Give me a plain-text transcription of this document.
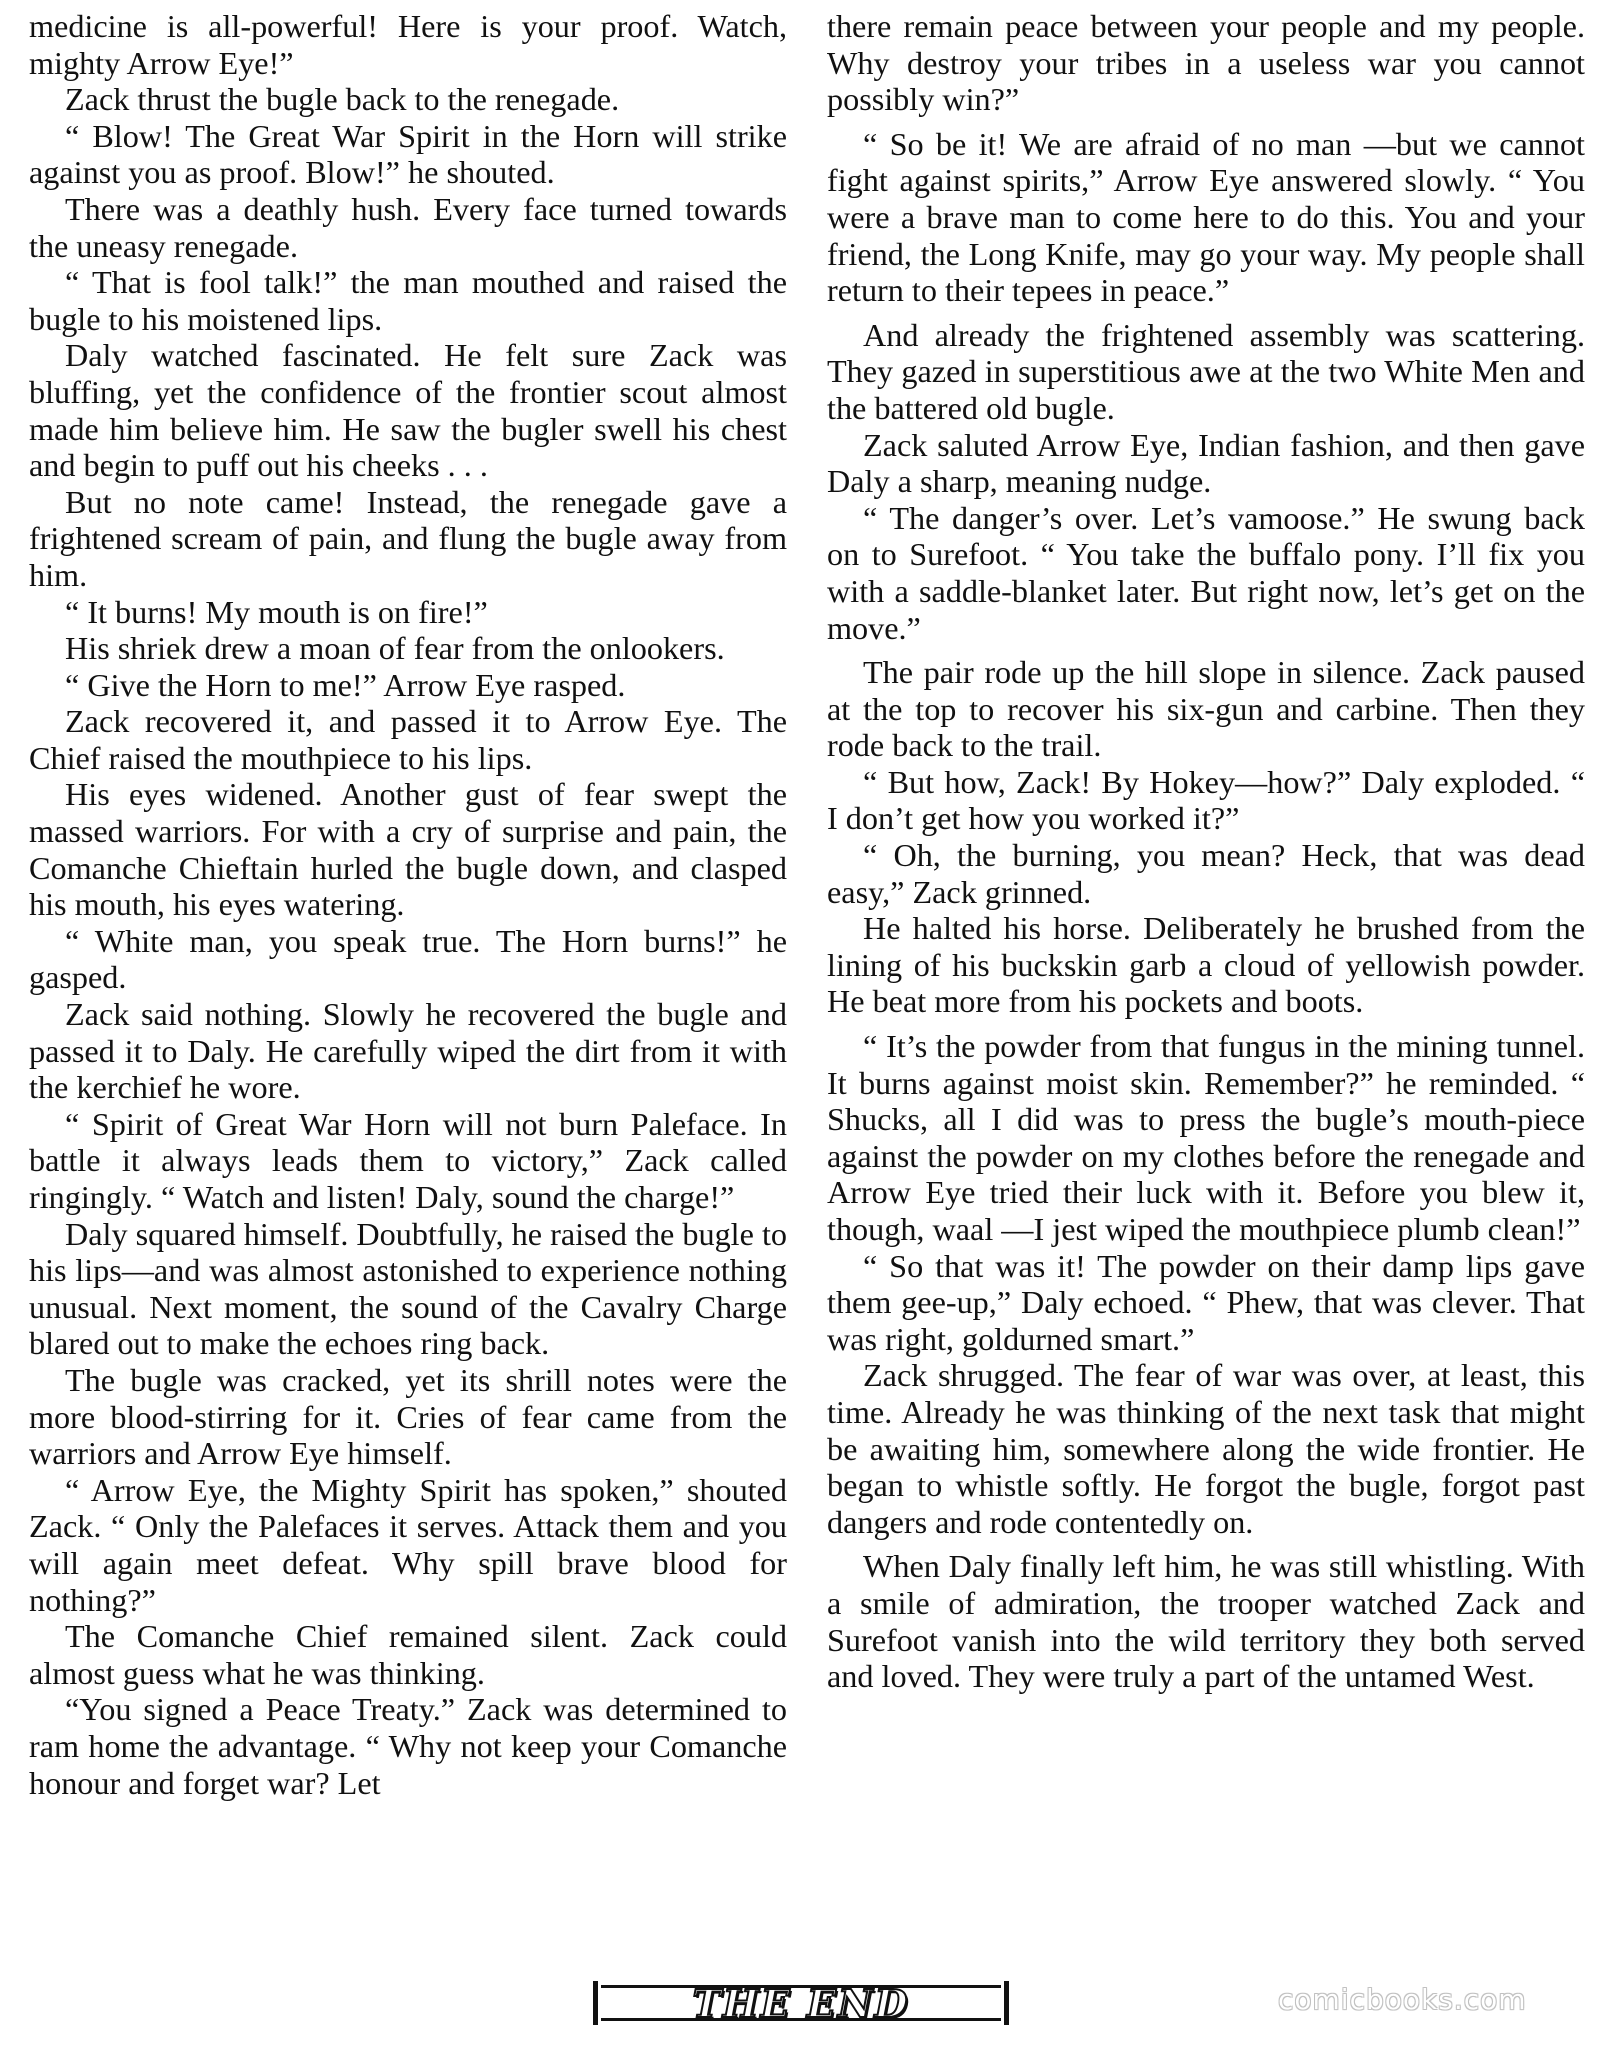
medicine is all-powerful! Here is your proof. Watch, mighty Arrow Eye!”

Zack thrust the bugle back to the renegade.

“ Blow! The Great War Spirit in the Horn will strike against you as proof. Blow!” he shouted.

There was a deathly hush. Every face turned towards the uneasy renegade.

“ That is fool talk!” the man mouthed and raised the bugle to his moistened lips.

Daly watched fascinated. He felt sure Zack was bluffing, yet the confidence of the frontier scout almost made him believe him. He saw the bugler swell his chest and begin to puff out his cheeks . . .

But no note came! Instead, the renegade gave a frightened scream of pain, and flung the bugle away from him.

“ It burns! My mouth is on fire!”

His shriek drew a moan of fear from the onlookers.

“ Give the Horn to me!” Arrow Eye rasped.

Zack recovered it, and passed it to Arrow Eye. The Chief raised the mouthpiece to his lips.

His eyes widened. Another gust of fear swept the massed warriors. For with a cry of surprise and pain, the Comanche Chieftain hurled the bugle down, and clasped his mouth, his eyes watering.

“ White man, you speak true. The Horn burns!” he gasped.

Zack said nothing. Slowly he recovered the bugle and passed it to Daly. He carefully wiped the dirt from it with the kerchief he wore.

“ Spirit of Great War Horn will not burn Paleface. In battle it always leads them to victory,” Zack called ringingly. “ Watch and listen! Daly, sound the charge!”

Daly squared himself. Doubtfully, he raised the bugle to his lips—and was almost astonished to experience nothing unusual. Next moment, the sound of the Cavalry Charge blared out to make the echoes ring back.

The bugle was cracked, yet its shrill notes were the more blood-stirring for it. Cries of fear came from the warriors and Arrow Eye himself.

“ Arrow Eye, the Mighty Spirit has spoken,” shouted Zack. “ Only the Palefaces it serves. Attack them and you will again meet defeat. Why spill brave blood for nothing?”

The Comanche Chief remained silent. Zack could almost guess what he was thinking.

“You signed a Peace Treaty.” Zack was determined to ram home the advantage. “ Why not keep your Comanche honour and forget war? Let

there remain peace between your people and my people. Why destroy your tribes in a useless war you cannot possibly win?”

“ So be it! We are afraid of no man —but we cannot fight against spirits,” Arrow Eye answered slowly. “ You were a brave man to come here to do this. You and your friend, the Long Knife, may go your way. My people shall return to their tepees in peace.”

And already the frightened assembly was scattering. They gazed in superstitious awe at the two White Men and the battered old bugle.

Zack saluted Arrow Eye, Indian fashion, and then gave Daly a sharp, meaning nudge.

“ The danger’s over. Let’s vamoose.” He swung back on to Surefoot. “ You take the buffalo pony. I’ll fix you with a saddle-blanket later. But right now, let’s get on the move.”

The pair rode up the hill slope in silence. Zack paused at the top to recover his six-gun and carbine. Then they rode back to the trail.

“ But how, Zack! By Hokey—how?” Daly exploded. “ I don’t get how you worked it?”

“ Oh, the burning, you mean? Heck, that was dead easy,” Zack grinned.

He halted his horse. Deliberately he brushed from the lining of his buckskin garb a cloud of yellowish powder. He beat more from his pockets and boots.

“ It’s the powder from that fungus in the mining tunnel. It burns against moist skin. Remember?” he reminded. “ Shucks, all I did was to press the bugle’s mouth-piece against the powder on my clothes before the renegade and Arrow Eye tried their luck with it. Before you blew it, though, waal —I jest wiped the mouthpiece plumb clean!”

“ So that was it! The powder on their damp lips gave them gee-up,” Daly echoed. “ Phew, that was clever. That was right, goldurned smart.”

Zack shrugged. The fear of war was over, at least, this time. Already he was thinking of the next task that might be awaiting him, somewhere along the wide frontier. He began to whistle softly. He forgot the bugle, forgot past dangers and rode contentedly on.

When Daly finally left him, he was still whistling. With a smile of admiration, the trooper watched Zack and Surefoot vanish into the wild territory they both served and loved. They were truly a part of the untamed West.

THE END	comicbooks.com
